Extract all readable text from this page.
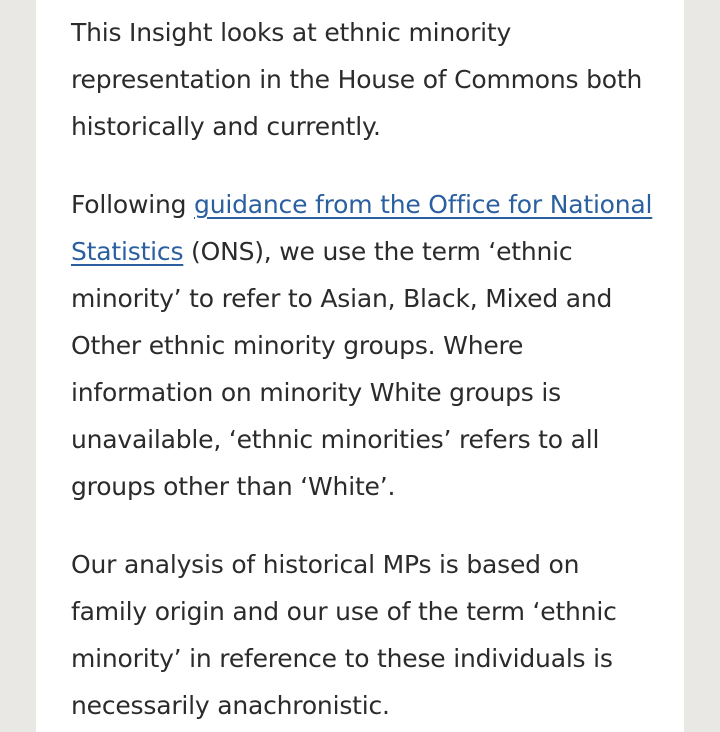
This Insight looks at ethnic minority representation in the House of Commons both historically and currently.

Following guidance from the Office for National Statistics (ONS), we use the term ‘ethnic minority’ to refer to Asian, Black, Mixed and Other ethnic minority groups. Where information on minority White groups is unavailable, ‘ethnic minorities’ refers to all groups other than ‘White’.

Our analysis of historical MPs is based on family origin and our use of the term ‘ethnic minority’ in reference to these individuals is necessarily anachronistic.
